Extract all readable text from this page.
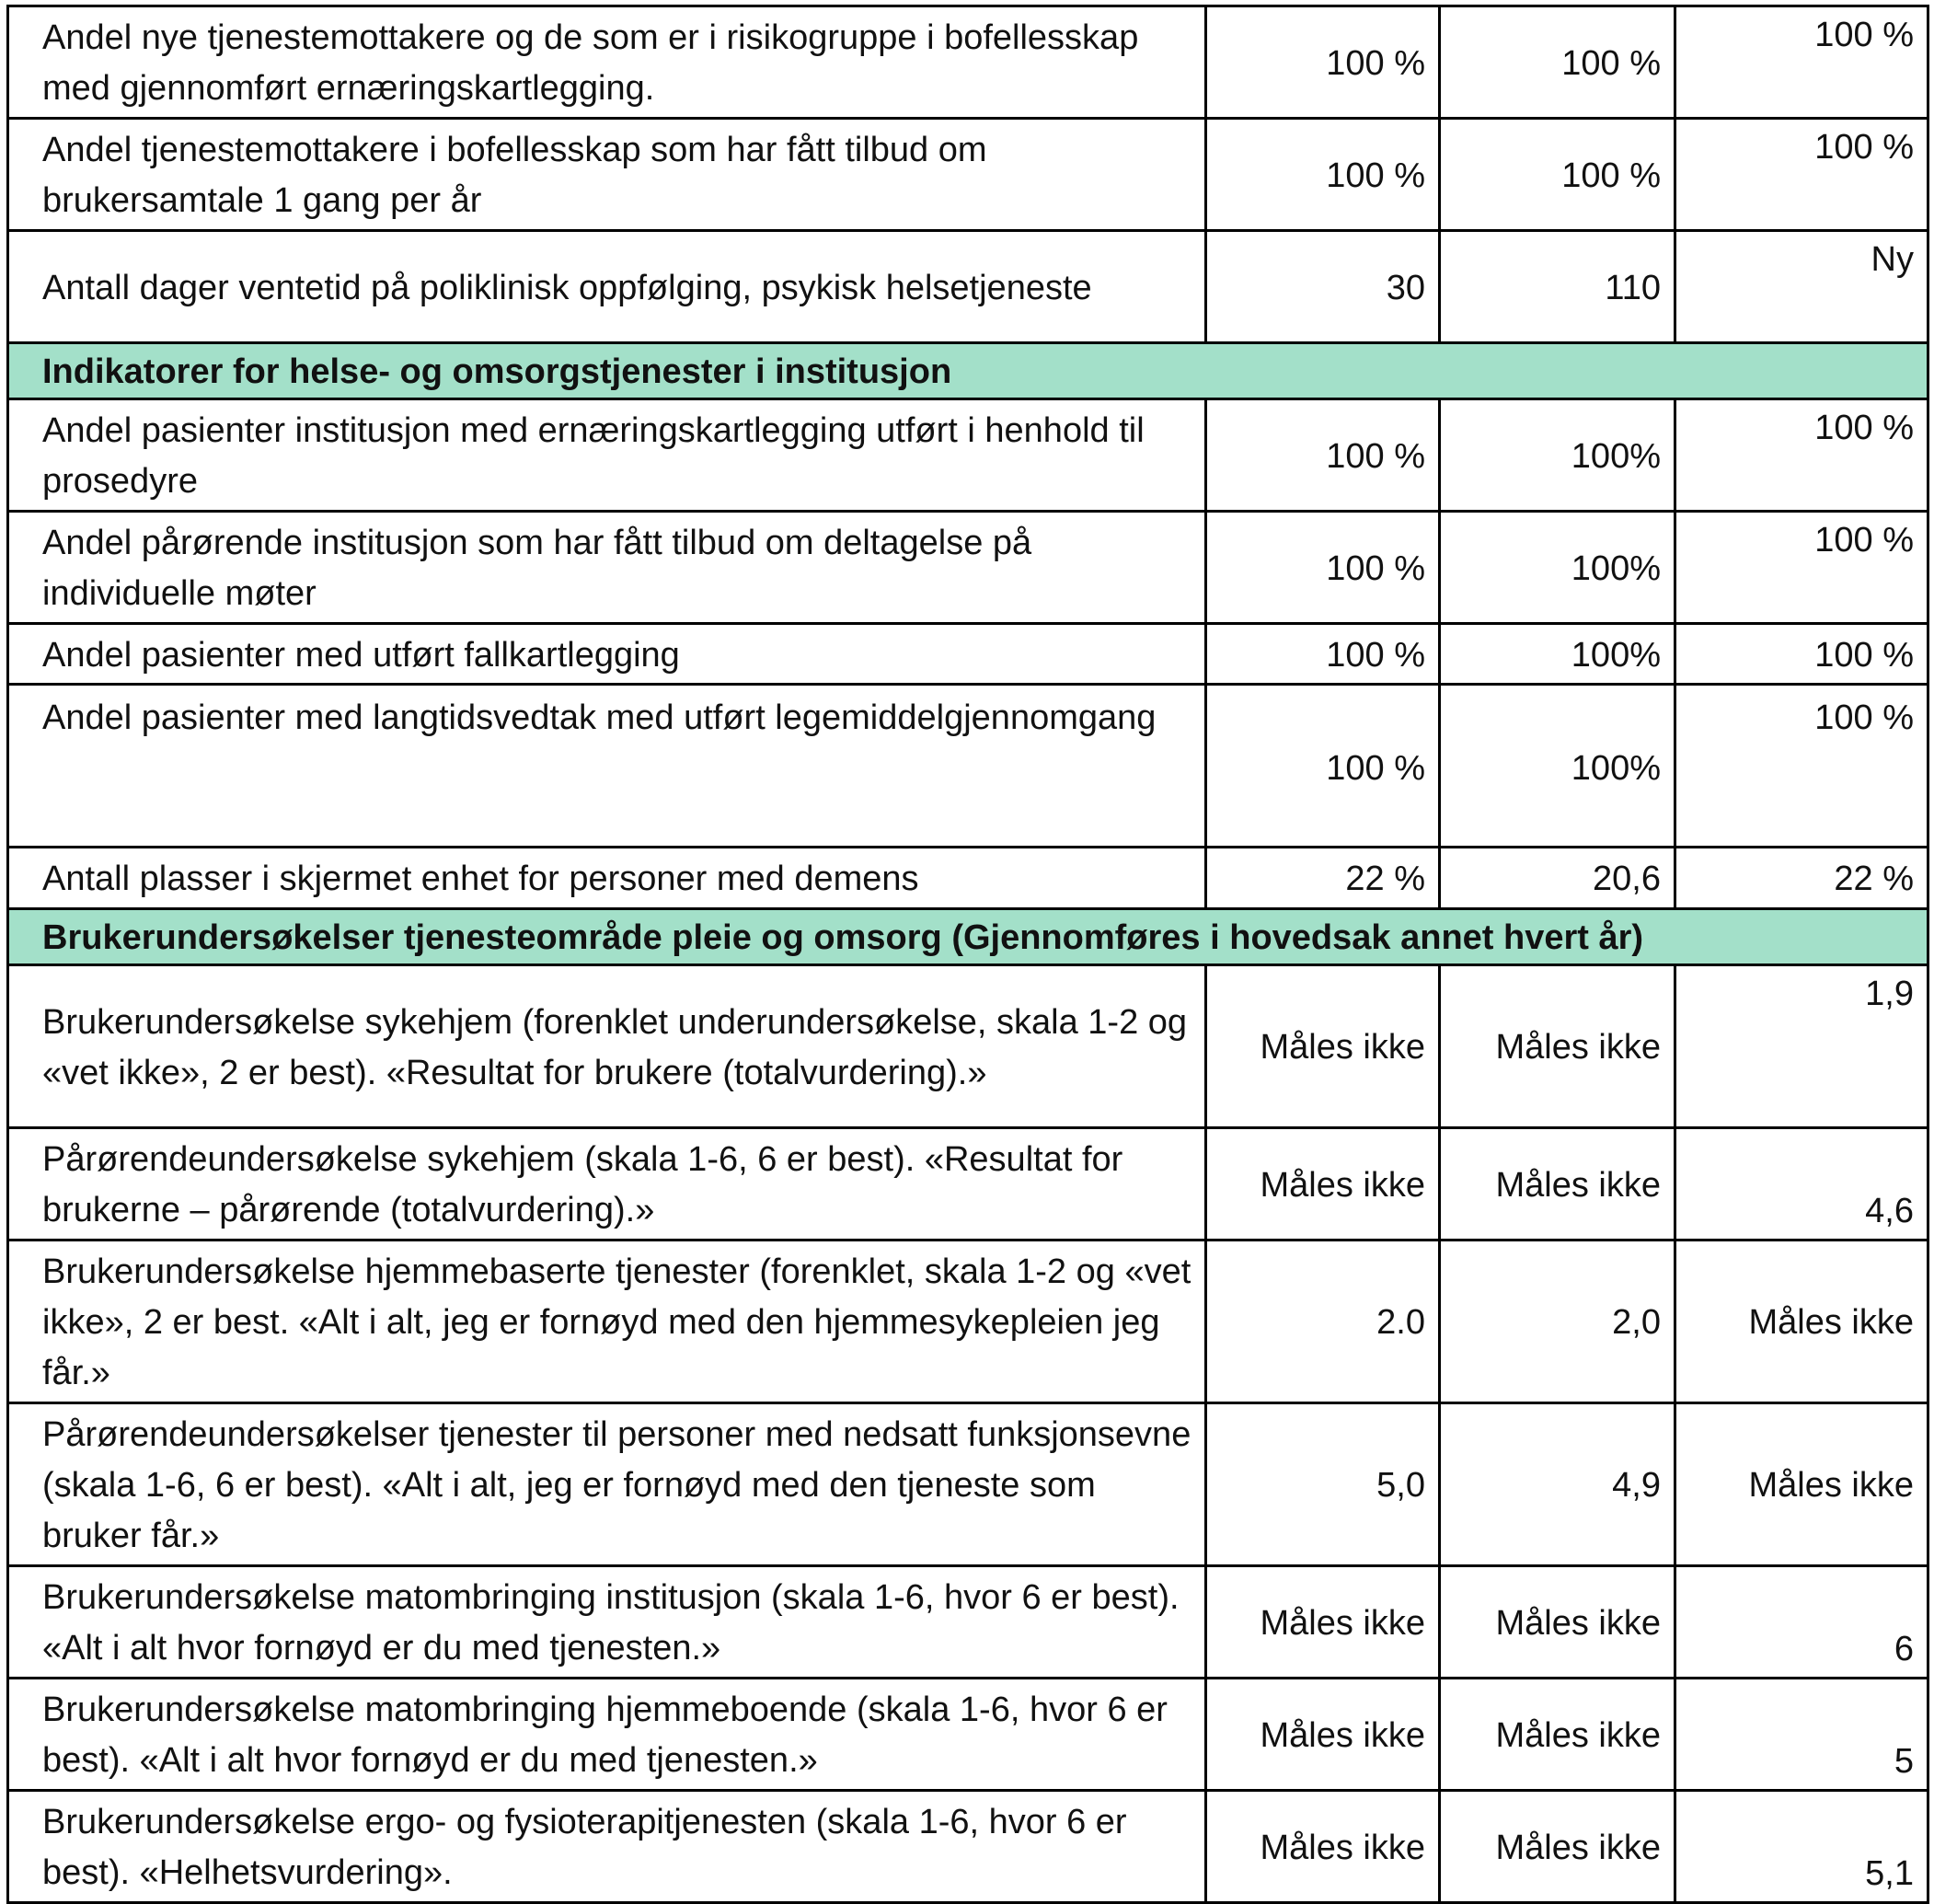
Andel nye tjenestemottakere og de som er i risikogruppe i bofellesskap med gjennomført ernæringskartlegging.	100 %	100 %	100 %
Andel tjenestemottakere i bofellesskap som har fått tilbud om brukersamtale 1 gang per år	100 %	100 %	100 %
Antall dager ventetid på poliklinisk oppfølging, psykisk helsetjeneste	30	110	Ny
Indikatorer for helse- og omsorgstjenester i institusjon			
Andel pasienter institusjon med ernæringskartlegging utført i henhold til prosedyre	100 %	100%	100 %
Andel pårørende institusjon som har fått tilbud om deltagelse på individuelle møter	100 %	100%	100 %
Andel pasienter med utført fallkartlegging	100 %	100%	100 %
Andel pasienter med langtidsvedtak med utført legemiddelgjennomgang	100 %	100%	100 %
Antall plasser i skjermet enhet for personer med demens	22 %	20,6	22 %
Brukerundersøkelser tjenesteområde pleie og omsorg (Gjennomføres i hovedsak annet hvert år)			
Brukerundersøkelse sykehjem (forenklet underundersøkelse, skala 1-2 og «vet ikke», 2 er best). «Resultat for brukere (totalvurdering).»	Måles ikke	Måles ikke	1,9
Pårørendeundersøkelse sykehjem (skala 1-6, 6 er best). «Resultat for brukerne – pårørende (totalvurdering).»	Måles ikke	Måles ikke	4,6
Brukerundersøkelse hjemmebaserte tjenester (forenklet, skala 1-2 og «vet ikke», 2 er best. «Alt i alt, jeg er fornøyd med den hjemmesykepleien jeg får.»	2.0	2,0	Måles ikke
Pårørendeundersøkelser tjenester til personer med nedsatt funksjonsevne (skala 1-6, 6 er best). «Alt i alt, jeg er fornøyd med den tjeneste som bruker får.»	5,0	4,9	Måles ikke
Brukerundersøkelse matombringing institusjon (skala 1-6, hvor 6 er best). «Alt i alt hvor fornøyd er du med tjenesten.»	Måles ikke	Måles ikke	6
Brukerundersøkelse matombringing hjemmeboende (skala 1-6, hvor 6 er best). «Alt i alt hvor fornøyd er du med tjenesten.»	Måles ikke	Måles ikke	5
Brukerundersøkelse ergo- og fysioterapitjenesten (skala 1-6, hvor 6 er best). «Helhetsvurdering».	Måles ikke	Måles ikke	5,1
